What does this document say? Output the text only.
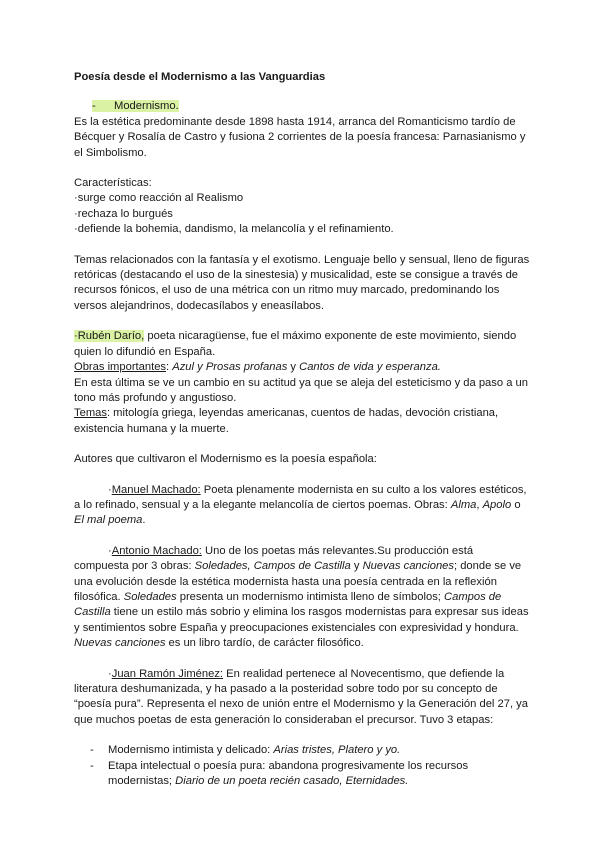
Poesía desde el Modernismo a las Vanguardias

- Modernismo.

Es la estética predominante desde 1898 hasta 1914, arranca del Romanticismo tardío de Bécquer y Rosalía de Castro y fusiona 2 corrientes de la poesía francesa: Parnasianismo y el Simbolismo.

Características:

·surge como reacción al Realismo

·rechaza lo burgués

·defiende la bohemia, dandismo, la melancolía y el refinamiento.

Temas relacionados con la fantasía y el exotismo. Lenguaje bello y sensual, lleno de figuras retóricas (destacando el uso de la sinestesia) y musicalidad, este se consigue a través de recursos fónicos, el uso de una métrica con un ritmo muy marcado, predominando los versos alejandrinos, dodecasílabos y eneasílabos.

·Rubén Darío, poeta nicaragüense, fue el máximo exponente de este movimiento, siendo quien lo difundió en España.

Obras importantes: Azul y Prosas profanas y Cantos de vida y esperanza.

En esta última se ve un cambio en su actitud ya que se aleja del esteticismo y da paso a un tono más profundo y angustioso.

Temas: mitología griega, leyendas americanas, cuentos de hadas, devoción cristiana, existencia humana y la muerte.

Autores que cultivaron el Modernismo es la poesía española:

·Manuel Machado: Poeta plenamente modernista en su culto a los valores estéticos, a lo refinado, sensual y a la elegante melancolía de ciertos poemas. Obras: Alma, Apolo o El mal poema.

·Antonio Machado: Uno de los poetas más relevantes.Su producción está compuesta por 3 obras: Soledades, Campos de Castilla y Nuevas canciones; donde se ve una evolución desde la estética modernista hasta una poesía centrada en la reflexión filosófica. Soledades presenta un modernismo intimista lleno de símbolos; Campos de Castilla tiene un estilo más sobrio y elimina los rasgos modernistas para expresar sus ideas y sentimientos sobre España y preocupaciones existenciales con expresividad y hondura. Nuevas canciones es un libro tardío, de carácter filosófico.

·Juan Ramón Jiménez: En realidad pertenece al Novecentismo, que defiende la literatura deshumanizada, y ha pasado a la posteridad sobre todo por su concepto de “poesía pura”. Representa el nexo de unión entre el Modernismo y la Generación del 27, ya que muchos poetas de esta generación lo consideraban el precursor. Tuvo 3 etapas:

- Modernismo intimista y delicado: Arias tristes, Platero y yo.
- Etapa intelectual o poesía pura: abandona progresivamente los recursos modernistas; Diario de un poeta recién casado, Eternidades.
